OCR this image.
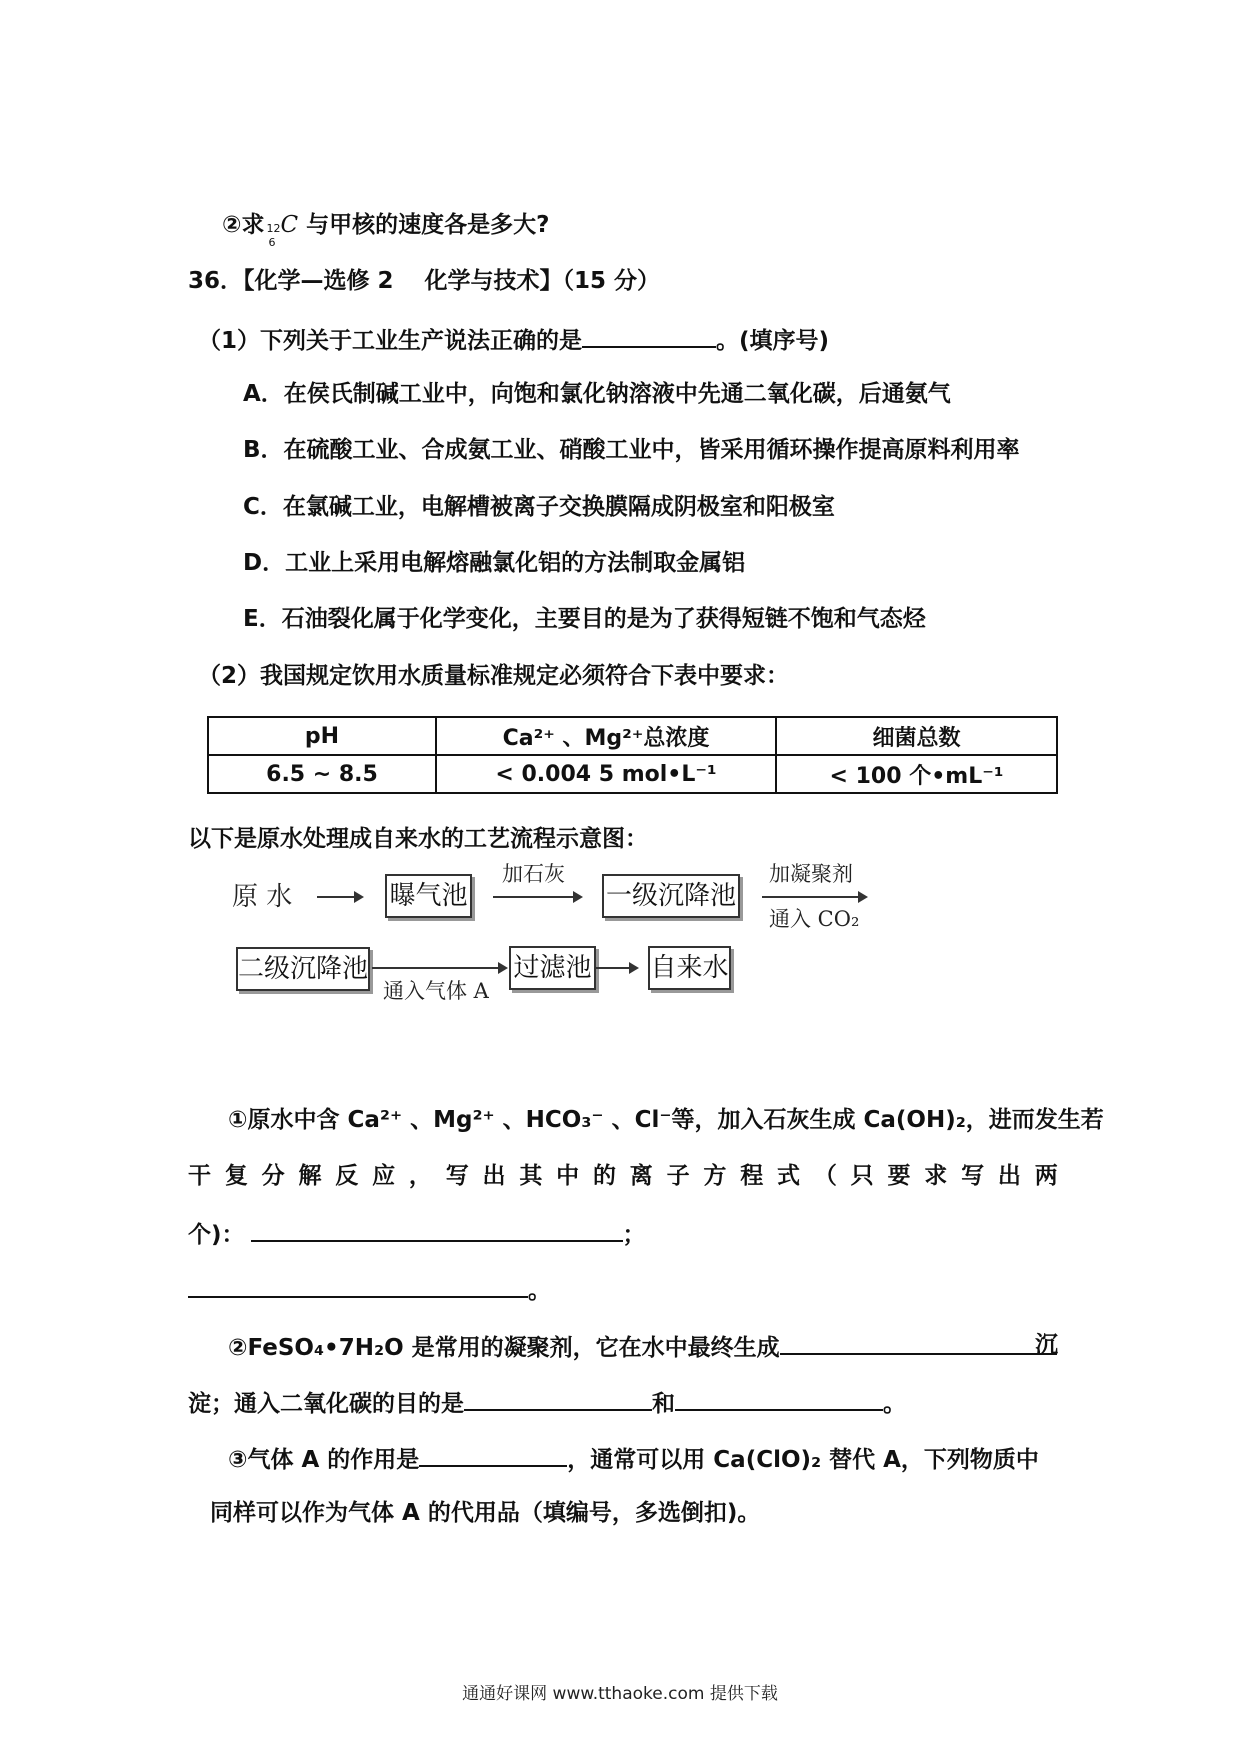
②求 12
6
C 与甲核的速度各是多大?
36．【化学—选修 2　 化学与技术】（15 分）
（1）下列关于工业生产说法正确的是	。(填序号)
A．在侯氏制碱工业中，向饱和氯化钠溶液中先通二氧化碳，后通氨气
B．在硫酸工业、合成氨工业、硝酸工业中，皆采用循环操作提高原料利用率
C．在氯碱工业，电解槽被离子交换膜隔成阴极室和阳极室
D．工业上采用电解熔融氯化铝的方法制取金属铝
E．石油裂化属于化学变化，主要目的是为了获得短链不饱和气态烃
（2）我国规定饮用水质量标准规定必须符合下表中要求：
pH	Ca²⁺ 、Mg²⁺总浓度	细菌总数
6.5 ~ 8.5	< 0.004 5 mol•L⁻¹	< 100 个•mL⁻¹
以下是原水处理成自来水的工艺流程示意图：
原 水	曝气池
加石灰
一级沉降池
加凝聚剂
通入 CO₂
二级沉降池
通入气体 A
过滤池 自来水
①原水中含 Ca²⁺ 、Mg²⁺ 、HCO₃⁻ 、Cl⁻等，加入石灰生成 Ca(OH)₂，进而发生若
干 复 分 解 反 应 ， 写 出 其 中 的 离 子 方 程 式 （ 只 要 求 写 出 两
个)：	；
。
②FeSO₄•7H₂O 是常用的凝聚剂，它在水中最终生成	沉
淀；通入二氧化碳的目的是	和	。
③气体 A 的作用是	，通常可以用 Ca(ClO)₂ 替代 A，下列物质中
同样可以作为气体 A 的代用品（填编号，多选倒扣)。
通通好课网 www.tthaoke.com 提供下载
